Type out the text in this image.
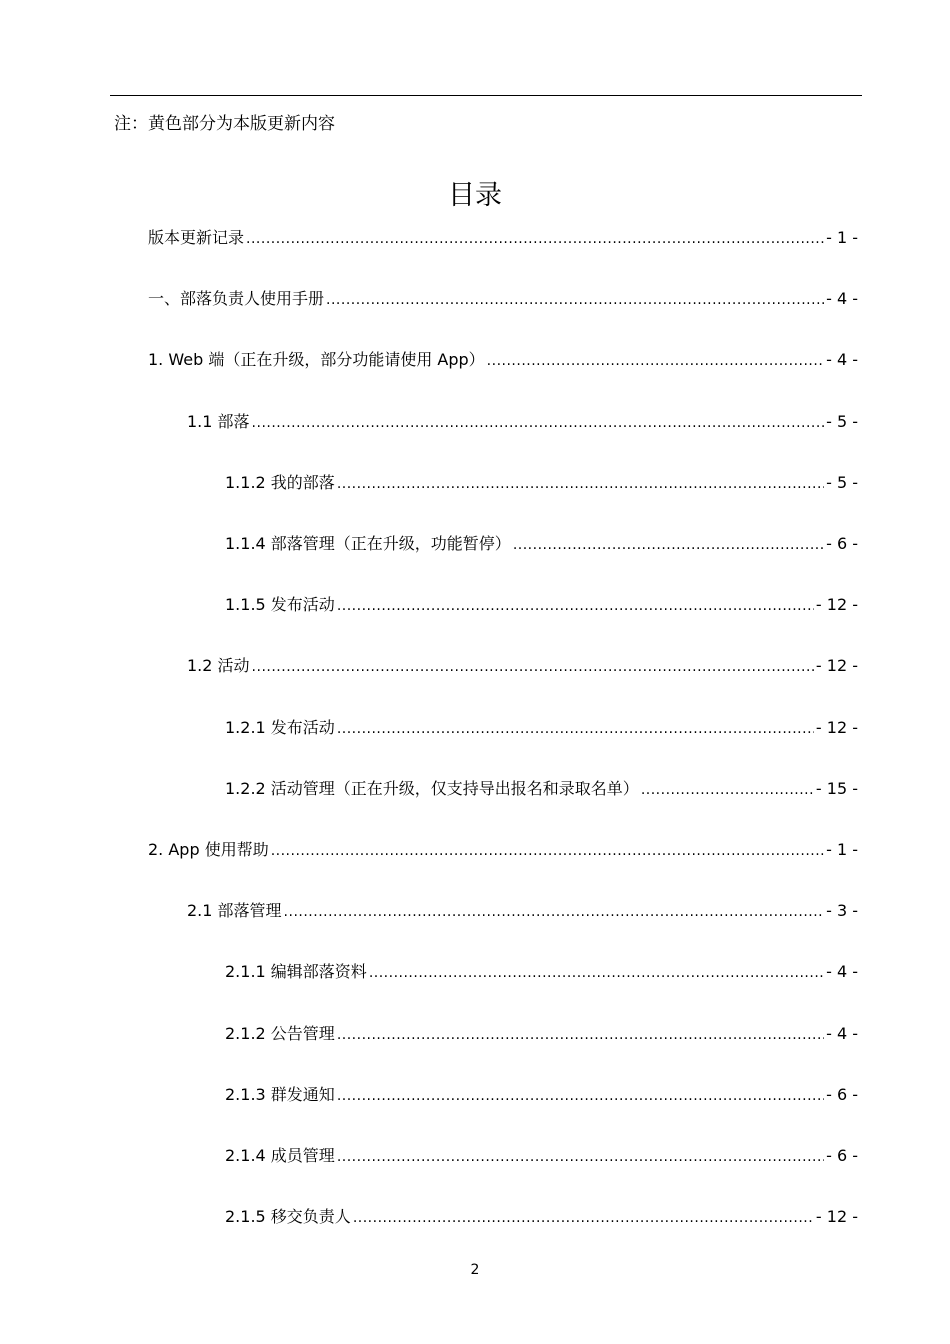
注：黄色部分为本版更新内容
目录
版本更新记录 .....	- 1 -
一、部落负责人使用手册 .....	- 4 -
1. Web 端（正在升级，部分功能请使用 App） .....	- 4 -
1.1 部落 .....	- 5 -
1.1.2 我的部落 .....	- 5 -
1.1.4 部落管理（正在升级，功能暂停） .....	- 6 -
1.1.5 发布活动 .....	- 12 -
1.2 活动 .....	- 12 -
1.2.1 发布活动 .....	- 12 -
1.2.2 活动管理（正在升级，仅支持导出报名和录取名单） .....	- 15 -
2. App 使用帮助 .....	- 1 -
2.1 部落管理 .....	- 3 -
2.1.1 编辑部落资料 .....	- 4 -
2.1.2 公告管理 .....	- 4 -
2.1.3 群发通知 .....	- 6 -
2.1.4 成员管理 .....	- 6 -
2.1.5 移交负责人 .....	- 12 -
2
